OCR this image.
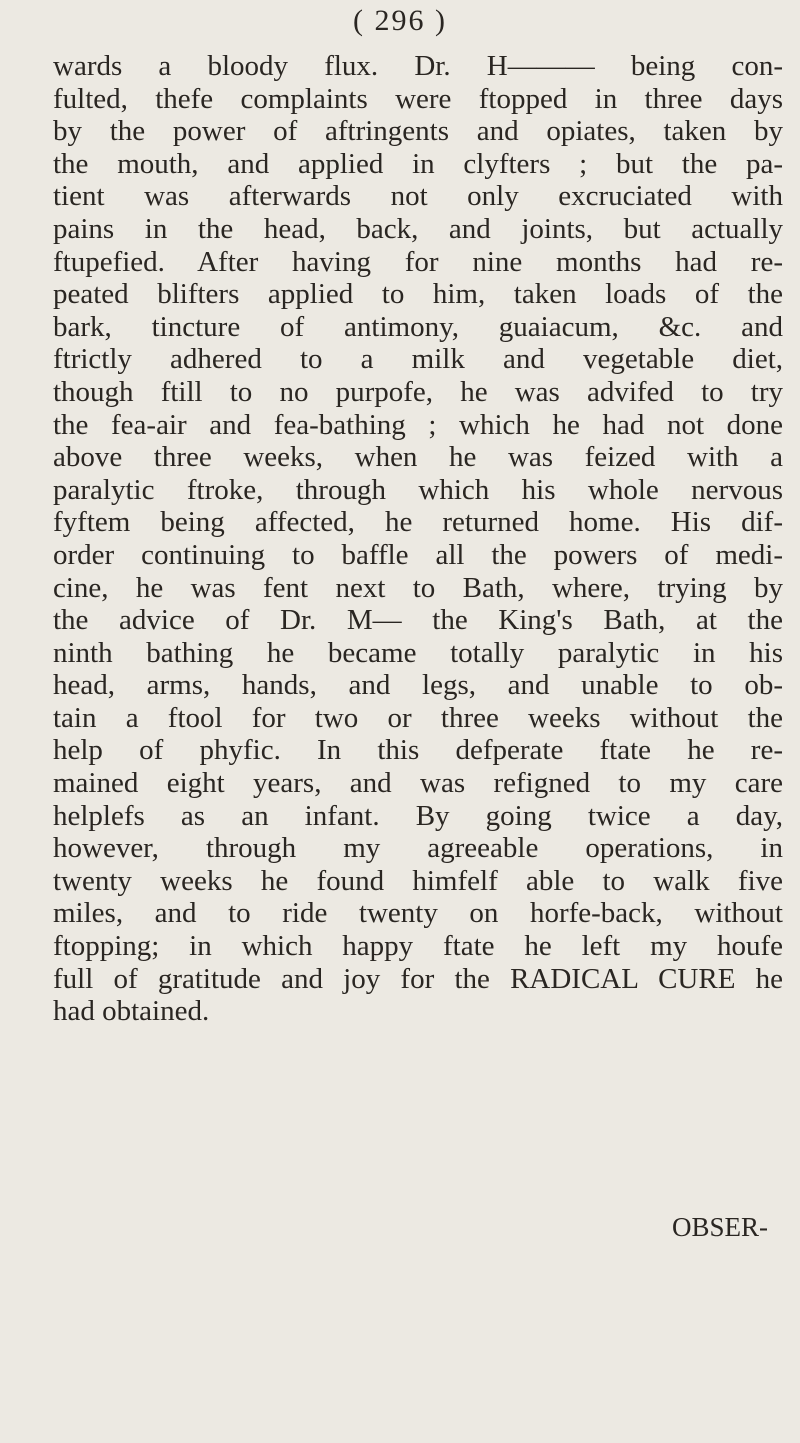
( 296 )
wards a bloody flux. Dr. H——— being con-
fulted, thefe complaints were ftopped in three days
by the power of aftringents and opiates, taken by
the mouth, and applied in clyfters ; but the pa-
tient was afterwards not only excruciated with
pains in the head, back, and joints, but actually
ftupefied. After having for nine months had re-
peated blifters applied to him, taken loads of the
bark, tincture of antimony, guaiacum, &c. and
ftrictly adhered to a milk and vegetable diet,
though ftill to no purpofe, he was advifed to try
the fea-air and fea-bathing ; which he had not done
above three weeks, when he was feized with a
paralytic ftroke, through which his whole nervous
fyftem being affected, he returned home. His dif-
order continuing to baffle all the powers of medi-
cine, he was fent next to Bath, where, trying by
the advice of Dr. M— the King's Bath, at the
ninth bathing he became totally paralytic in his
head, arms, hands, and legs, and unable to ob-
tain a ftool for two or three weeks without the
help of phyfic. In this defperate ftate he re-
mained eight years, and was refigned to my care
helplefs as an infant. By going twice a day,
however, through my agreeable operations, in
twenty weeks he found himfelf able to walk five
miles, and to ride twenty on horfe-back, without
ftopping; in which happy ftate he left my houfe
full of gratitude and joy for the RADICAL CURE he
had obtained.
OBSER-
